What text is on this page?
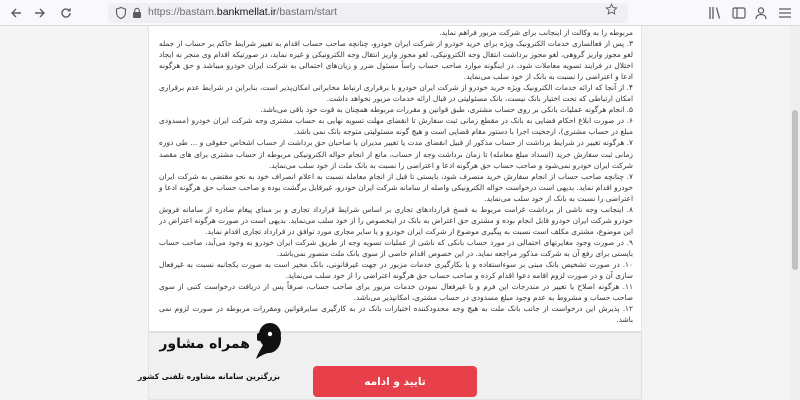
https://bastam.bankmellat.ir/bastam/start

مربوطه را به وکالت از اینجانب برای شرکت مزبور فراهم نماید.

۳. پس از فعالسازی خدمات الکترونیک ویژه برای خرید خودرو از شرکت ایران خودرو، چنانچه صاحب حساب اقدام به تغییر شرایط حاکم بر حساب از جمله لغو مجوز واریز گروهی، لغو مجوز برداشت انتقال وجه الکترونیکی، لغو مجوز واریز انتقال وجه الکترونیکی و غیره نماید، در صورتیکه اقدام وی منجر به ایجاد اختلال در فرایند تسویه معاملات شود، در اینگونه موارد صاحب حساب راساً مسئول ضرر و زیان‌های احتمالی به شرکت ایران خودرو میباشد و حق هرگونه ادعا و اعتراضی را نسبت به بانک از خود سلب می‌نماید.

۴. از آنجا که ارائه خدمات الکترونیک ویژه خرید خودرو از شرکت ایران خودرو با برقراری ارتباط مخابراتی امکان‌پذیر است، بنابراین در شرایط عدم برقراری امکان ارتباطی که تحت اختیار بانک نیست، بانک مسئولیتی در قبال ارائه خدمات مزبور نخواهد داشت.

۵. انجام هرگونه عملیات بانکی بر روی حساب مشتری، طبق قوانین و مقررات مربوطه همچنان به قوت خود باقی می‌باشد.

۶. در صورت ابلاغ احکام قضایی به بانک در مقطع زمانی ثبت سفارش تا انقضای مهلت تسویه نهایی به حساب مشتری وجه شرکت ایران خودرو (مسدودی مبلغ در حساب مشتری)، ارجحیت اجرا با دستور مقام قضایی است و هیچ گونه مسئولیتی متوجه بانک نمی باشد.

۷. هرگونه تغییر در شرایط برداشت از حساب مذکور از قبیل انقضای مدت یا تغییر مدیران یا صاحبان حق برداشت از حساب اشخاص حقوقی و ... طی دوره زمانی ثبت سفارش خرید (انسداد مبلغ معامله) تا زمان برداشت وجه از حساب، مانع از انجام حواله الکترونیکی مربوطه از حساب مشتری برای های مقصد شرکت ایران خودرو نمی‌شود و صاحب حساب حق هرگونه ادعا و اعتراضی را نسبت به بانک ملت از خود سلب می‌نماید.

۷. چنانچه صاحب حساب از انجام سفارش خرید منصرف شود، بایستی تا قبل از انجام معامله نسبت به اعلام انصراف خود به نحو مقتضی به شرکت ایران خودرو اقدام نماید. بدیهی است درخواست حواله الکترونیکی واصله از سامانه شرکت ایران خودرو، غیرقابل برگشت بوده و صاحب حساب حق هرگونه ادعا و اعتراضی را نسبت به بانک از خود سلب می‌نماید.

۸. اینجانب وجه ناشی از برداشت غرامت مربوط به فسخ قراردادهای تجاری بر اساس شرایط قرارداد تجاری و بر مبنای پیغام صادره از سامانه فروش خودرو شرکت ایران خودرو قابل انجام بوده و مشتری حق اعتراض به بانک در اینخصوص را از خود سلب می‌نماید. بدیهی است در صورت هرگونه اعتراض در این موضوع، مشتری مکلف است نسبت به پیگیری موضوع از شرکت ایران خودرو و یا سایر مجاری مورد توافق در قرارداد تجاری اقدام نماید.

۹. در صورت وجود مغایرتهای احتمالی در مورد حساب بانکی که ناشی از عملیات تسویه وجه از طریق شرکت ایران خودرو به وجود می‌آید، صاحب حساب بایستی برای رفع آن به شرکت مذکور مراجعه نماید. در این خصوص اقدام خاصی از سوی بانک ملت متصور نمی‌باشد.

۱۰. در صورت تشخیص بانک مبنی بر سوءاستفاده و یا بکارگیری خدمات مزبور در جهت غیرقانونی، بانک مخیر است به صورت یکجانبه نسبت به غیرفعال سازی آن و در صورت لزوم اقامه دعوا اقدام کرده و صاحب حساب حق هرگونه اعتراضی را از خود سلب می‌نماید.

۱۱. هرگونه اصلاح یا تغییر در مندرجات این فرم و یا غیرفعال نمودن خدمات مزبور برای صاحب حساب، صرفاً پس از دریافت درخواست کتبی از سوی صاحب حساب و مشروط به عدم وجود مبلغ مسدودی در حساب مشتری، امکانپذیر می‌باشد.

۱۲. پذیرش این درخواست از جانب بانک ملت به هیچ وجه محدودکننده اختیارات بانک در به کارگیری سایرقوانین ومقررات مربوطه در صورت لزوم نمی باشد.

تایید و ادامه
همراه مشاور
بزرگترین سامانه مشاوره تلفنی کشور
